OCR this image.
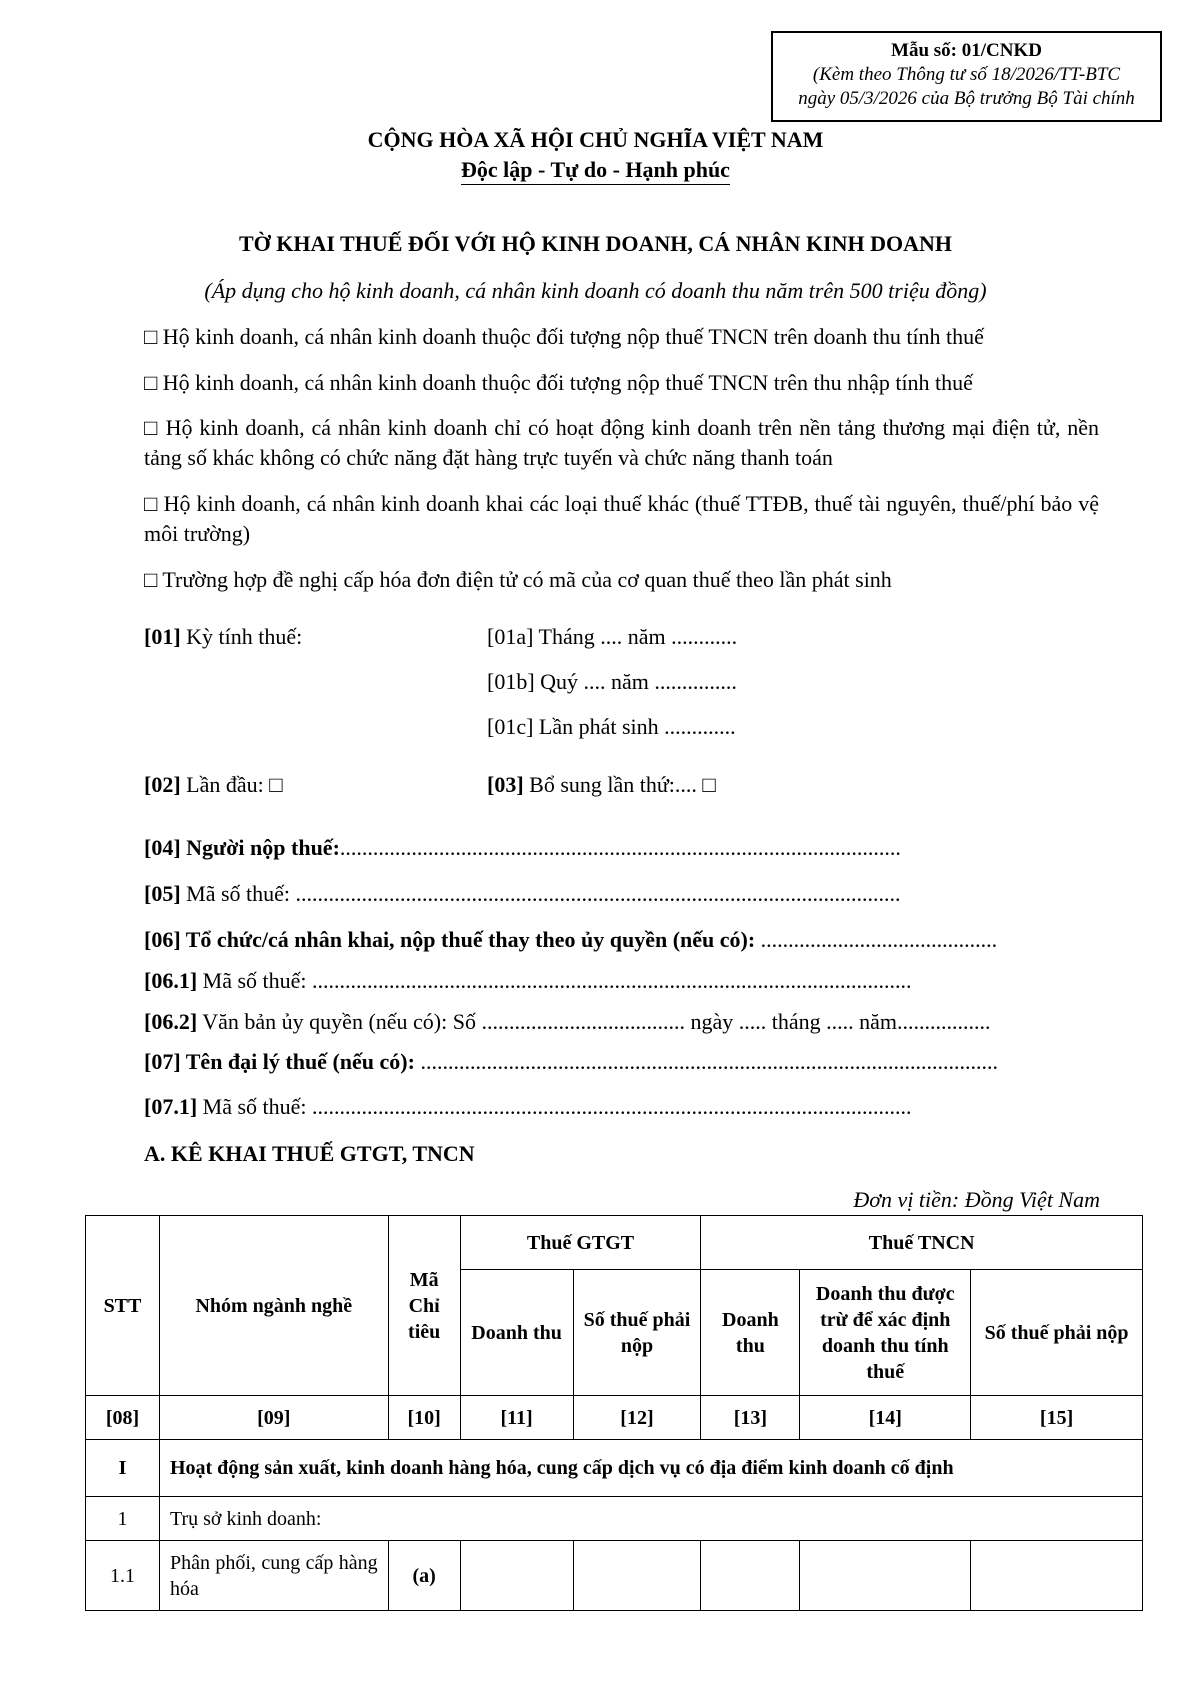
Mẫu số: 01/CNKD
(Kèm theo Thông tư số 18/2026/TT-BTC
ngày 05/3/2026 của Bộ trưởng Bộ Tài chính
CỘNG HÒA XÃ HỘI CHỦ NGHĨA VIỆT NAM
Độc lập - Tự do - Hạnh phúc
TỜ KHAI THUẾ ĐỐI VỚI HỘ KINH DOANH, CÁ NHÂN KINH DOANH
(Áp dụng cho hộ kinh doanh, cá nhân kinh doanh có doanh thu năm trên 500 triệu đồng)
□ Hộ kinh doanh, cá nhân kinh doanh thuộc đối tượng nộp thuế TNCN trên doanh thu tính thuế
□ Hộ kinh doanh, cá nhân kinh doanh thuộc đối tượng nộp thuế TNCN trên thu nhập tính thuế
□ Hộ kinh doanh, cá nhân kinh doanh chỉ có hoạt động kinh doanh trên nền tảng thương mại điện tử, nền tảng số khác không có chức năng đặt hàng trực tuyến và chức năng thanh toán
□ Hộ kinh doanh, cá nhân kinh doanh khai các loại thuế khác (thuế TTĐB, thuế tài nguyên, thuế/phí bảo vệ môi trường)
□ Trường hợp đề nghị cấp hóa đơn điện tử có mã của cơ quan thuế theo lần phát sinh
[01] Kỳ tính thuế:	[01a] Tháng .... năm ............
[01b] Quý .... năm ...............
[01c] Lần phát sinh .............
[02] Lần đầu: □	[03] Bổ sung lần thứ:.... □
[04] Người nộp thuế:......................................................................................................
[05] Mã số thuế: ..............................................................................................................
[06] Tổ chức/cá nhân khai, nộp thuế thay theo ủy quyền (nếu có): ...........................................
[06.1] Mã số thuế: .............................................................................................................
[06.2] Văn bản ủy quyền (nếu có): Số ..................................... ngày ..... tháng ..... năm.................
[07] Tên đại lý thuế (nếu có): .........................................................................................................
[07.1] Mã số thuế: .............................................................................................................
A. KÊ KHAI THUẾ GTGT, TNCN
Đơn vị tiền: Đồng Việt Nam
STT	Nhóm ngành nghề	Mã Chỉ tiêu	Thuế GTGT		Thuế TNCN		
			Doanh thu	Số thuế phải nộp	Doanh thu	Doanh thu được trừ để xác định doanh thu tính thuế	Số thuế phải nộp
[08]	[09]	[10]	[11]	[12]	[13]	[14]	[15]
I	Hoạt động sản xuất, kinh doanh hàng hóa, cung cấp dịch vụ có địa điểm kinh doanh cố định						
1	Trụ sở kinh doanh:						
1.1	Phân phối, cung cấp hàng hóa	(a)					
